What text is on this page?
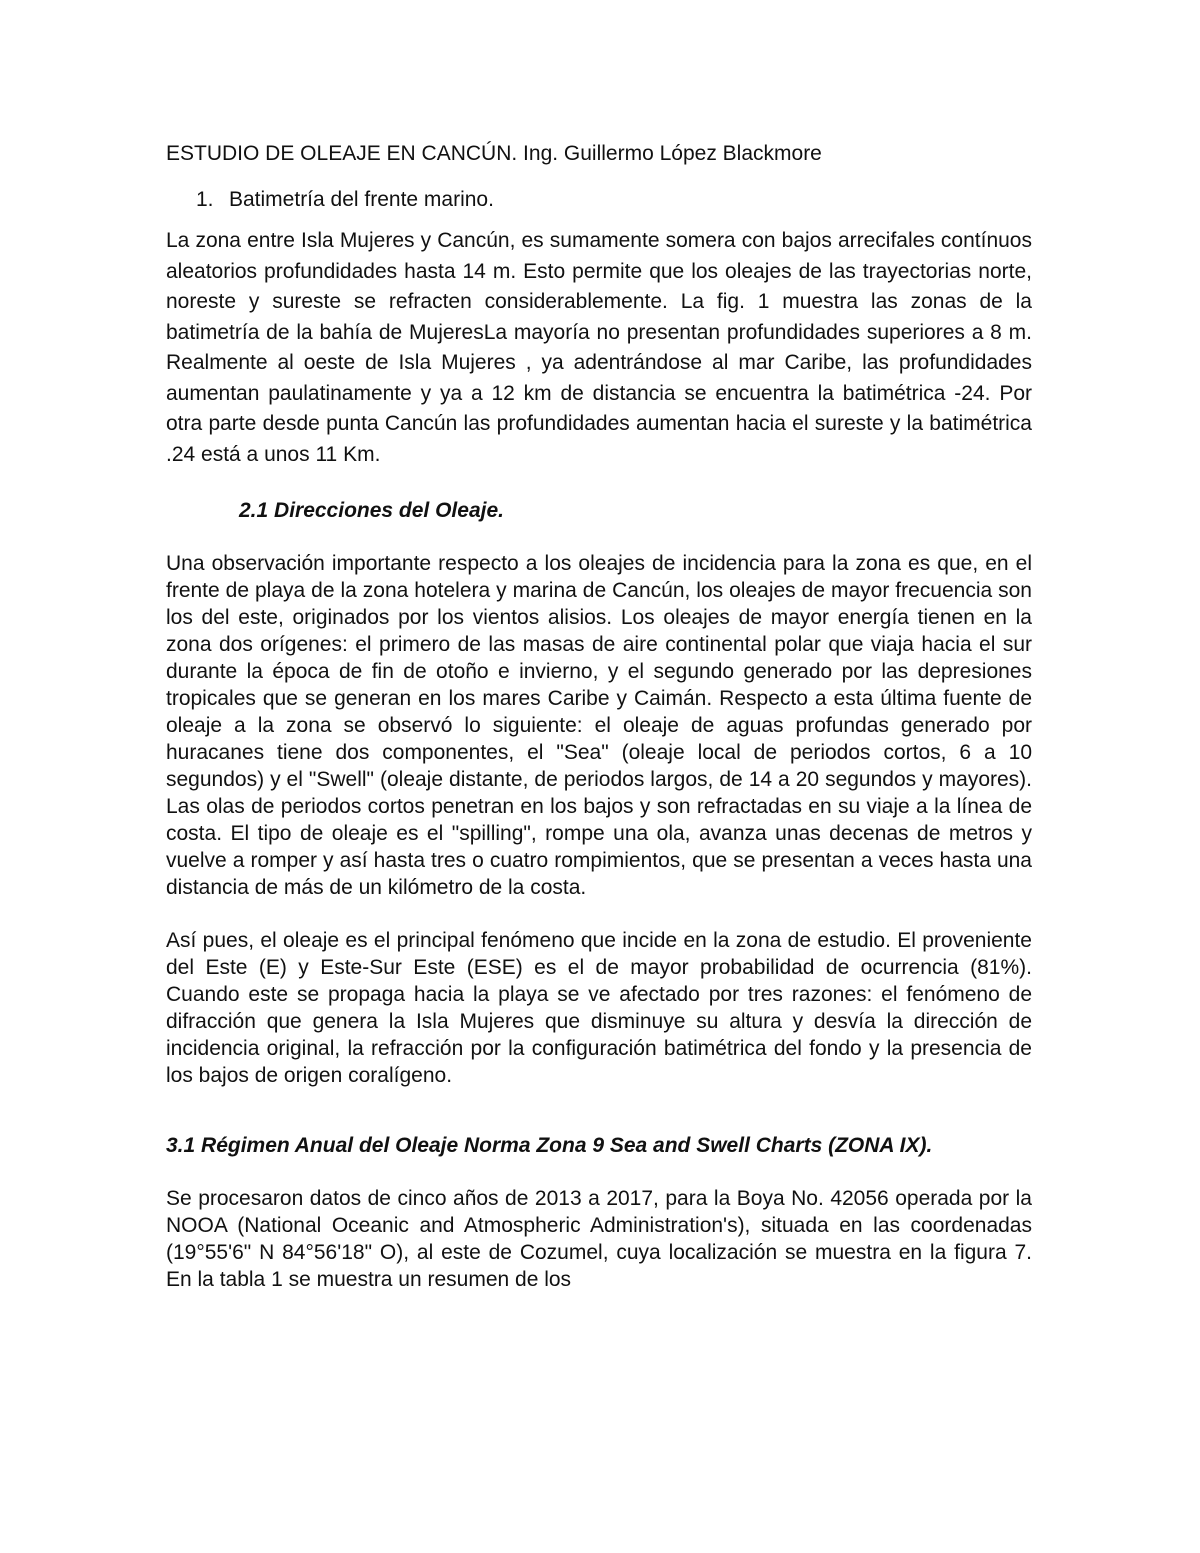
ESTUDIO DE OLEAJE EN CANCÚN. Ing. Guillermo López Blackmore
1. Batimetría del frente marino.

La zona entre Isla Mujeres y Cancún, es sumamente somera con bajos arrecifales contínuos aleatorios profundidades hasta 14 m. Esto permite que los oleajes de las trayectorias norte, noreste y sureste se refracten considerablemente. La fig. 1 muestra las zonas de la batimetría de la bahía de MujeresLa mayoría no presentan profundidades superiores a 8 m. Realmente al oeste de Isla Mujeres , ya adentrándose al mar Caribe, las profundidades aumentan paulatinamente y ya a 12 km de distancia se encuentra la batimétrica -24. Por otra parte desde punta Cancún las profundidades aumentan hacia el sureste y la batimétrica .24 está a unos 11 Km.

2.1 Direcciones del Oleaje.

Una observación importante respecto a los oleajes de incidencia para la zona es que, en el frente de playa de la zona hotelera y marina de Cancún, los oleajes de mayor frecuencia son los del este, originados por los vientos alisios. Los oleajes de mayor energía tienen en la zona dos orígenes: el primero de las masas de aire continental polar que viaja hacia el sur durante la época de fin de otoño e invierno, y el segundo generado por las depresiones tropicales que se generan en los mares Caribe y Caimán. Respecto a esta última fuente de oleaje a la zona se observó lo siguiente: el oleaje de aguas profundas generado por huracanes tiene dos componentes, el "Sea" (oleaje local de periodos cortos, 6 a 10 segundos) y el "Swell" (oleaje distante, de periodos largos, de 14 a 20 segundos y mayores). Las olas de periodos cortos penetran en los bajos y son refractadas en su viaje a la línea de costa. El tipo de oleaje es el "spilling", rompe una ola, avanza unas decenas de metros y vuelve a romper y así hasta tres o cuatro rompimientos, que se presentan a veces hasta una distancia de más de un kilómetro de la costa.

Así pues, el oleaje es el principal fenómeno que incide en la zona de estudio. El proveniente del Este (E) y Este-Sur Este (ESE) es el de mayor probabilidad de ocurrencia (81%). Cuando este se propaga hacia la playa se ve afectado por tres razones: el fenómeno de difracción que genera la Isla Mujeres que disminuye su altura y desvía la dirección de incidencia original, la refracción por la configuración batimétrica del fondo y la presencia de los bajos de origen coralígeno.

3.1 Régimen Anual del Oleaje Norma Zona 9 Sea and Swell Charts (ZONA IX).

Se procesaron datos de cinco años de 2013 a 2017, para la Boya No. 42056 operada por la NOOA (National Oceanic and Atmospheric Administration's), situada en las coordenadas (19°55'6" N 84°56'18" O), al este de Cozumel, cuya localización se muestra en la figura 7. En la tabla 1 se muestra un resumen de los
